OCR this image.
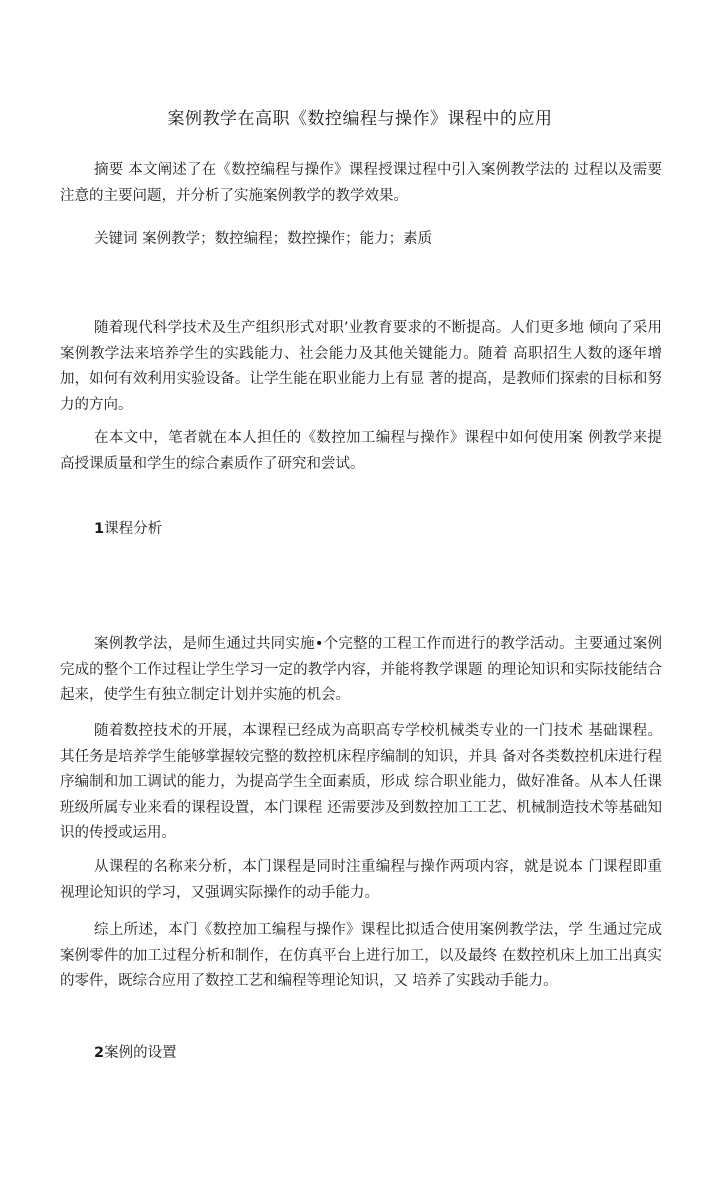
案例教学在高职《数控编程与操作》课程中的应用

摘要 本文阐述了在《数控编程与操作》课程授课过程中引入案例教学法的 过程以及需要注意的主要问题，并分析了实施案例教学的教学效果。

关键词 案例教学；数控编程；数控操作；能力；素质

随着现代科学技术及生产组织形式对职’业教育要求的不断提高。人们更多地 倾向了采用案例教学法来培养学生的实践能力、社会能力及其他关键能力。随着 高职招生人数的逐年增加，如何有效利用实验设备。让学生能在职业能力上有显 著的提高，是教师们探索的目标和努力的方向。

在本文中，笔者就在本人担任的《数控加工编程与操作》课程中如何使用案 例教学来提高授课质量和学生的综合素质作了研究和尝试。

1课程分析

案例教学法，是师生通过共同实施•个完整的工程工作而进行的教学活动。主要通过案例完成的整个工作过程让学生学习一定的教学内容，并能将教学课题 的理论知识和实际技能结合起来，使学生有独立制定计划并实施的机会。

随着数控技术的开展，本课程已经成为高职高专学校机械类专业的一门技术 基础课程。其任务是培养学生能够掌握较完整的数控机床程序编制的知识，并具 备对各类数控机床进行程序编制和加工调试的能力，为提高学生全面素质，形成 综合职业能力，做好准备。从本人任课班级所属专业来看的课程设置，本门课程 还需要涉及到数控加工工艺、机械制造技术等基础知识的传授或运用。

从课程的名称来分析，本门课程是同时注重编程与操作两项内容，就是说本 门课程即重视理论知识的学习，又强调实际操作的动手能力。

综上所述，本门《数控加工编程与操作》课程比拟适合使用案例教学法，学 生通过完成案例零件的加工过程分析和制作，在仿真平台上进行加工，以及最终 在数控机床上加工出真实的零件，既综合应用了数控工艺和编程等理论知识，又 培养了实践动手能力。

2案例的设置
